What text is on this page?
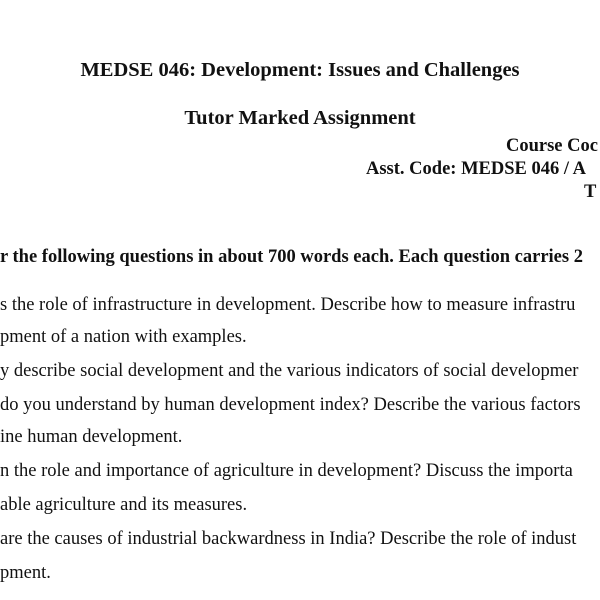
MEDSE 046: Development: Issues and Challenges
Tutor Marked Assignment
Course Coc
Asst. Code: MEDSE 046 / A
T
r the following questions in about 700 words each. Each question carries 2
s the role of infrastructure in development. Describe how to measure infrastru
pment of a nation with examples.
y describe social development and the various indicators of social developmer
do you understand by human development index? Describe the various factors
ine human development.
n the role and importance of agriculture in development? Discuss the importa
able agriculture and its measures.
are the causes of industrial backwardness in India? Describe the role of indust
pment.
